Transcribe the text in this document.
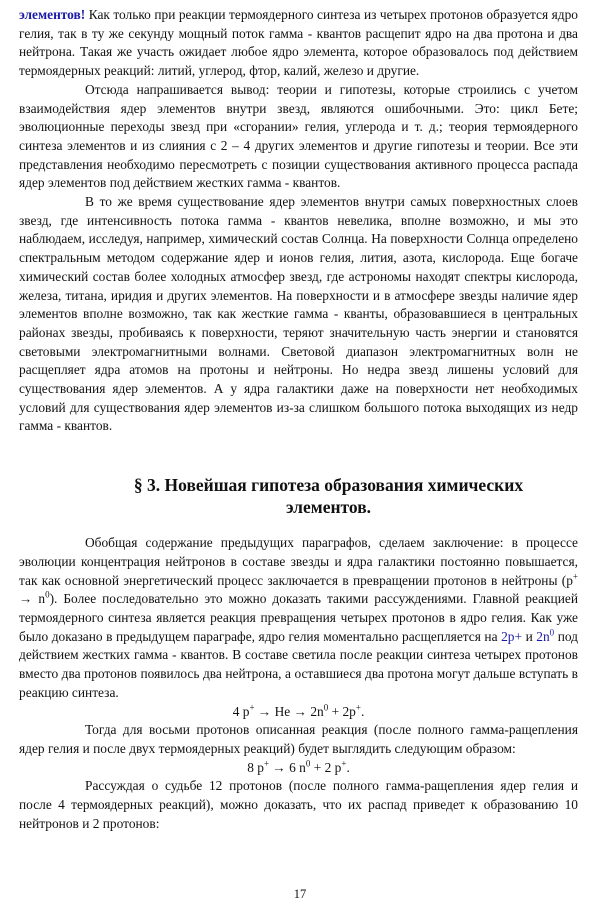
элементов! Как только при реакции термоядерного синтеза из четырех протонов образуется ядро гелия, так в ту же секунду мощный поток гамма - квантов расщепит ядро на два протона и два нейтрона. Такая же участь ожидает любое ядро элемента, которое образовалось под действием термоядерных реакций: литий, углерод, фтор, калий, железо и другие.

Отсюда напрашивается вывод: теории и гипотезы, которые строились с учетом взаимодействия ядер элементов внутри звезд, являются ошибочными. Это: цикл Бете; эволюционные переходы звезд при «сгорании» гелия, углерода и т. д.; теория термоядерного синтеза элементов и из слияния с 2 – 4 других элементов и другие гипотезы и теории. Все эти представления необходимо пересмотреть с позиции существования активного процесса распада ядер элементов под действием жестких гамма - квантов.

В то же время существование ядер элементов внутри самых поверхностных слоев звезд, где интенсивность потока гамма - квантов невелика, вполне возможно, и мы это наблюдаем, исследуя, например, химический состав Солнца. На поверхности Солнца определено спектральным методом содержание ядер и ионов гелия, лития, азота, кислорода. Еще богаче химический состав более холодных атмосфер звезд, где астрономы находят спектры кислорода, железа, титана, иридия и других элементов. На поверхности и в атмосфере звезды наличие ядер элементов вполне возможно, так как жесткие гамма - кванты, образовавшиеся в центральных районах звезды, пробиваясь к поверхности, теряют значительную часть энергии и становятся световыми электромагнитными волнами. Световой диапазон электромагнитных волн не расщепляет ядра атомов на протоны и нейтроны. Но недра звезд лишены условий для существования ядер элементов. А у ядра галактики даже на поверхности нет необходимых условий для существования ядер элементов из-за слишком большого потока выходящих из недр гамма - квантов.

§ 3. Новейшая гипотеза образования химических
элементов.

Обобщая содержание предыдущих параграфов, сделаем заключение: в процессе эволюции концентрация нейтронов в составе звезды и ядра галактики постоянно повышается, так как основной энергетический процесс заключается в превращении протонов в нейтроны $(p^+ \to n^0)$. Более последовательно это можно доказать такими рассуждениями. Главной реакцией термоядерного синтеза является реакция превращения четырех протонов в ядро гелия. Как уже было доказано в предыдущем параграфе, ядро гелия моментально расщепляется на 2p+ и $2n^0$ под действием жестких гамма - квантов. В составе светила после реакции синтеза четырех протонов вместо два протонов появилось два нейтрона, а оставшиеся два протона могут дальше вступать в реакцию синтеза.

4 $p^+ \to He \to 2n^0 + 2p^+$.

Тогда для восьми протонов описанная реакция (после полного гамма-ращепления ядер гелия и после двух термоядерных реакций) будет выглядить следующим образом:

8 p+ → 6 $n^0 + 2$ p+.

Рассуждая о судьбе 12 протонов (после полного гамма-ращепления ядер гелия и после 4 термоядерных реакций), можно доказать, что их распад приведет к образованию 10 нейтронов и 2 протонов:

17
